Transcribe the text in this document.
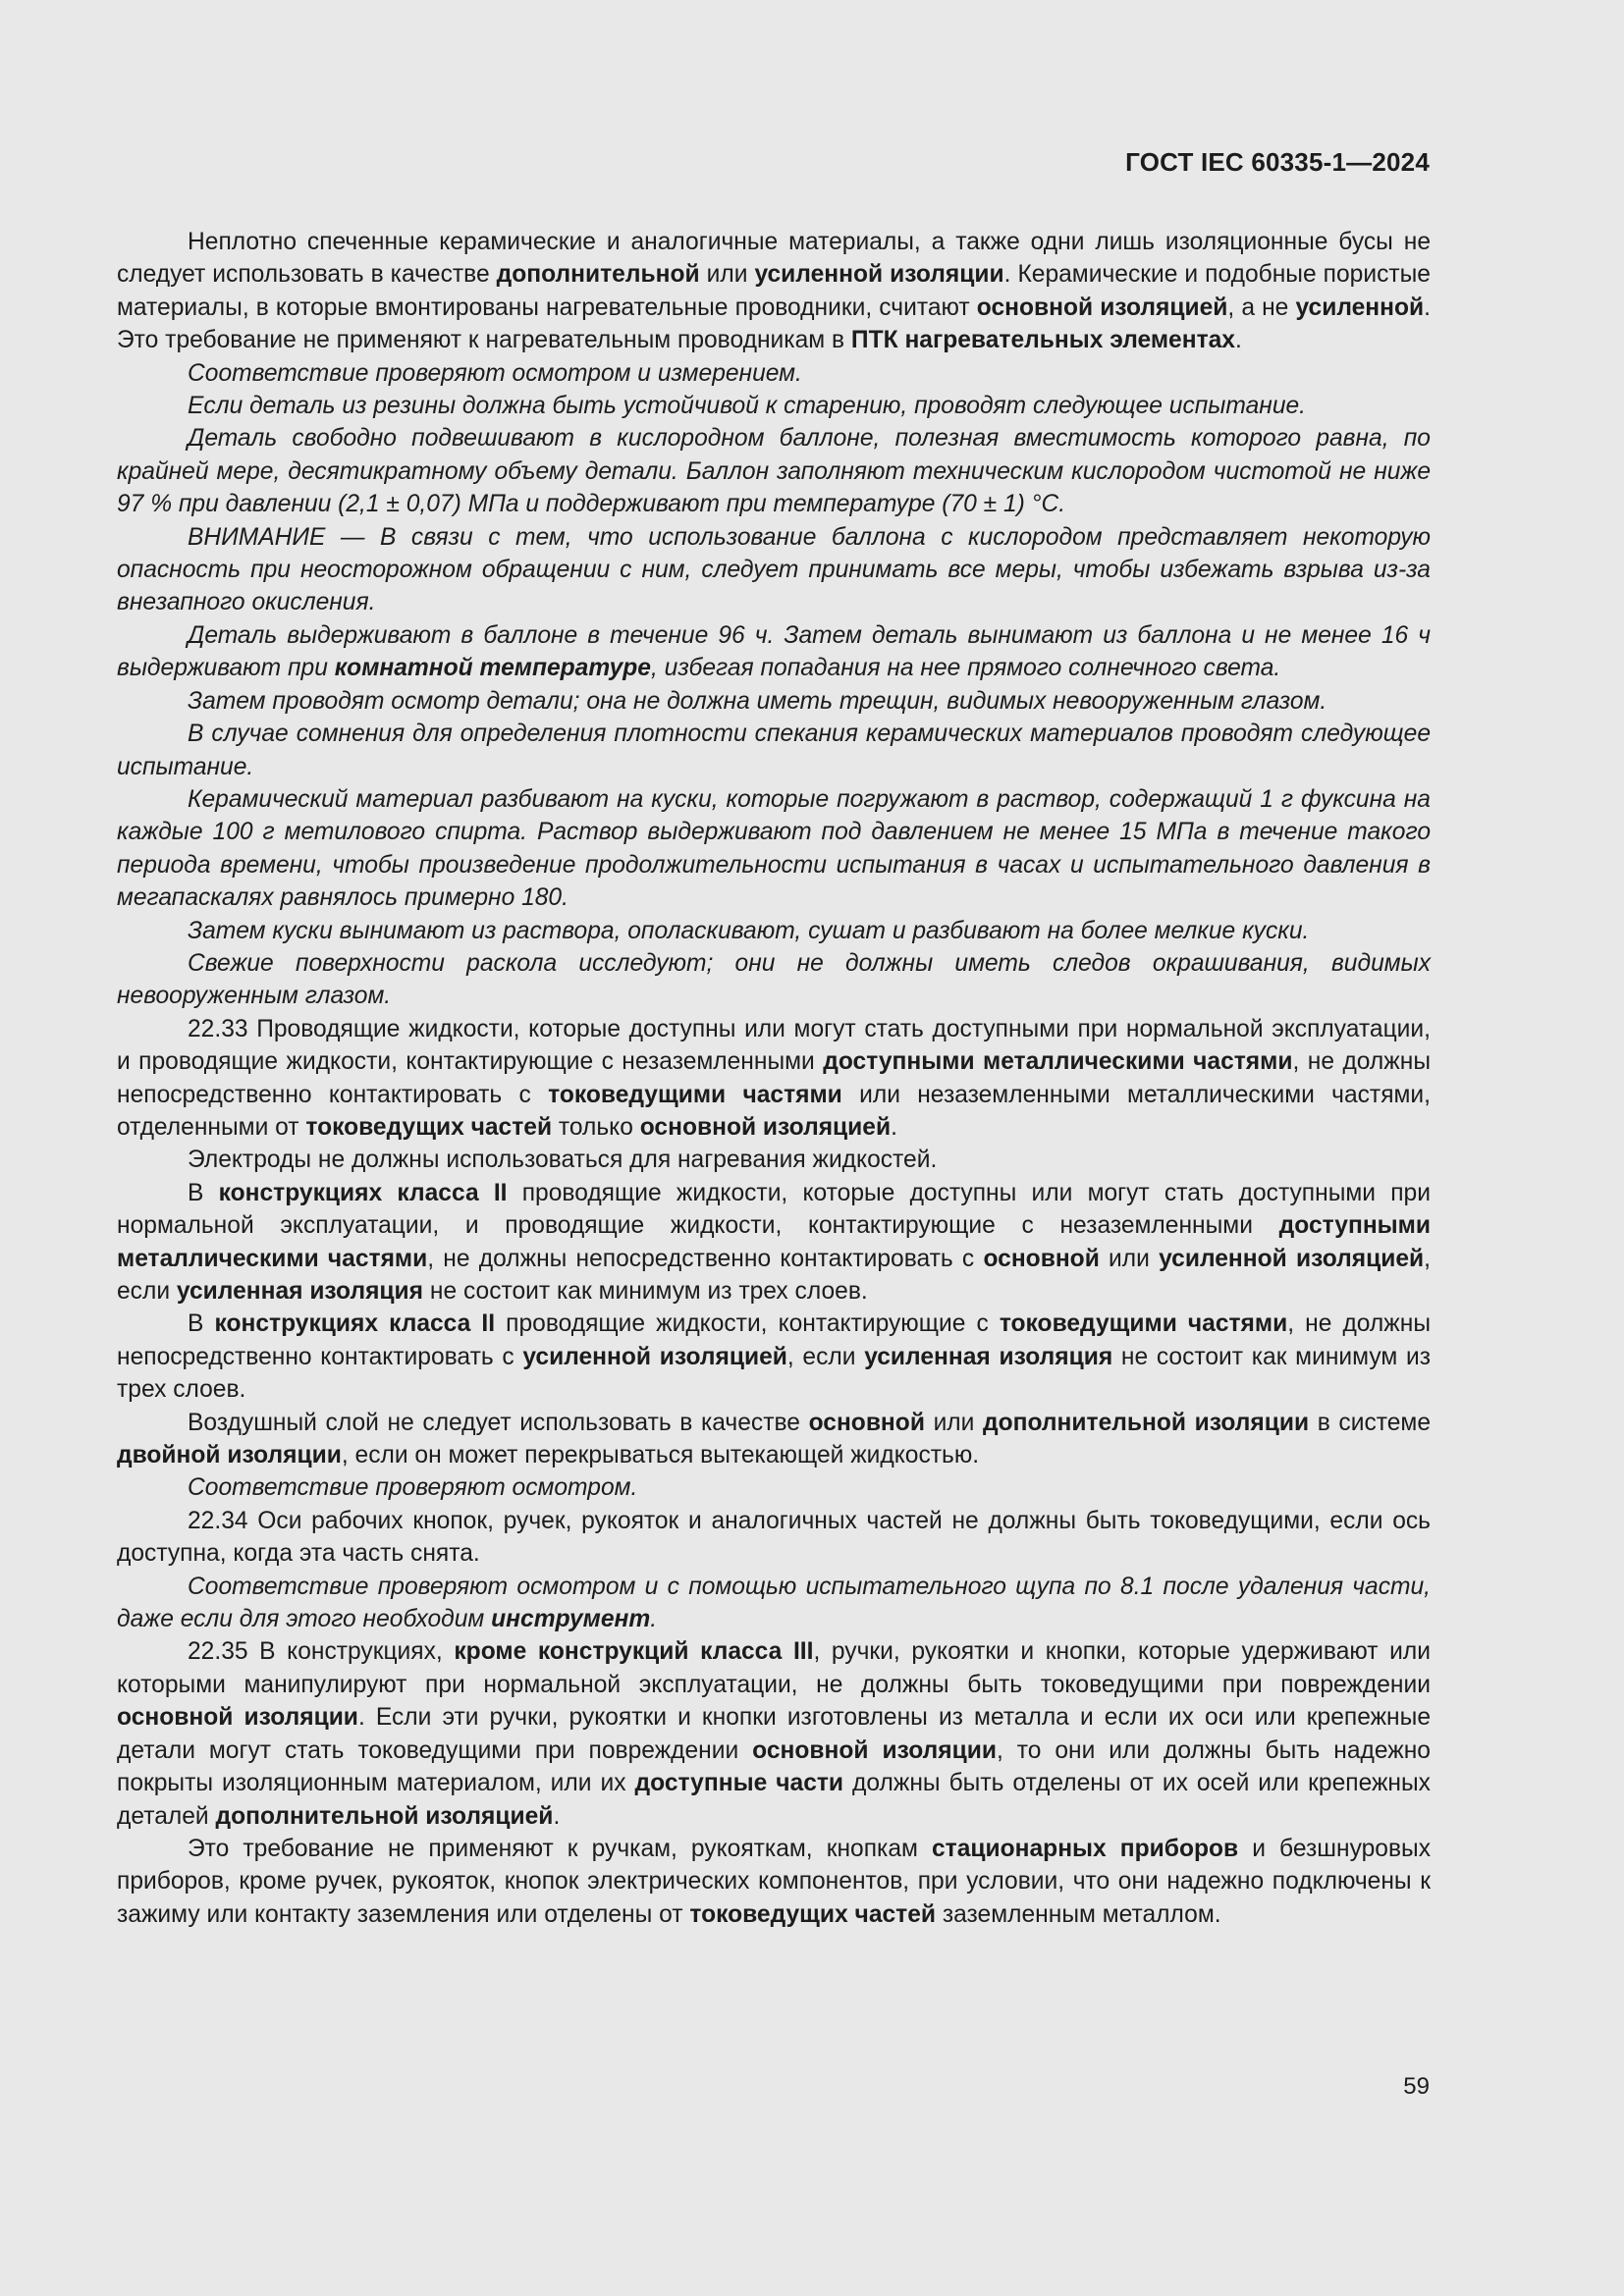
ГОСТ IEC 60335-1—2024

Неплотно спеченные керамические и аналогичные материалы, а также одни лишь изоляционные бусы не следует использовать в качестве дополнительной или усиленной изоляции. Керамические и подобные пористые материалы, в которые вмонтированы нагревательные проводники, считают основной изоляцией, а не усиленной. Это требование не применяют к нагревательным проводникам в ПТК нагревательных элементах.

Соответствие проверяют осмотром и измерением.

Если деталь из резины должна быть устойчивой к старению, проводят следующее испытание.

Деталь свободно подвешивают в кислородном баллоне, полезная вместимость которого равна, по крайней мере, десятикратному объему детали. Баллон заполняют техническим кислородом чистотой не ниже 97 % при давлении (2,1 ± 0,07) МПа и поддерживают при температуре (70 ± 1) °С.

ВНИМАНИЕ — В связи с тем, что использование баллона с кислородом представляет некоторую опасность при неосторожном обращении с ним, следует принимать все меры, чтобы избежать взрыва из-за внезапного окисления.

Деталь выдерживают в баллоне в течение 96 ч. Затем деталь вынимают из баллона и не менее 16 ч выдерживают при комнатной температуре, избегая попадания на нее прямого солнечного света.

Затем проводят осмотр детали; она не должна иметь трещин, видимых невооруженным глазом.

В случае сомнения для определения плотности спекания керамических материалов проводят следующее испытание.

Керамический материал разбивают на куски, которые погружают в раствор, содержащий 1 г фуксина на каждые 100 г метилового спирта. Раствор выдерживают под давлением не менее 15 МПа в течение такого периода времени, чтобы произведение продолжительности испытания в часах и испытательного давления в мегапаскалях равнялось примерно 180.

Затем куски вынимают из раствора, ополаскивают, сушат и разбивают на более мелкие куски.

Свежие поверхности раскола исследуют; они не должны иметь следов окрашивания, видимых невооруженным глазом.

22.33 Проводящие жидкости, которые доступны или могут стать доступными при нормальной эксплуатации, и проводящие жидкости, контактирующие с незаземленными доступными металлическими частями, не должны непосредственно контактировать с токоведущими частями или незаземленными металлическими частями, отделенными от токоведущих частей только основной изоляцией.

Электроды не должны использоваться для нагревания жидкостей.

В конструкциях класса II проводящие жидкости, которые доступны или могут стать доступными при нормальной эксплуатации, и проводящие жидкости, контактирующие с незаземленными доступными металлическими частями, не должны непосредственно контактировать с основной или усиленной изоляцией, если усиленная изоляция не состоит как минимум из трех слоев.

В конструкциях класса II проводящие жидкости, контактирующие с токоведущими частями, не должны непосредственно контактировать с усиленной изоляцией, если усиленная изоляция не состоит как минимум из трех слоев.

Воздушный слой не следует использовать в качестве основной или дополнительной изоляции в системе двойной изоляции, если он может перекрываться вытекающей жидкостью.

Соответствие проверяют осмотром.

22.34 Оси рабочих кнопок, ручек, рукояток и аналогичных частей не должны быть токоведущими, если ось доступна, когда эта часть снята.

Соответствие проверяют осмотром и с помощью испытательного щупа по 8.1 после удаления части, даже если для этого необходим инструмент.

22.35 В конструкциях, кроме конструкций класса III, ручки, рукоятки и кнопки, которые удерживают или которыми манипулируют при нормальной эксплуатации, не должны быть токоведущими при повреждении основной изоляции. Если эти ручки, рукоятки и кнопки изготовлены из металла и если их оси или крепежные детали могут стать токоведущими при повреждении основной изоляции, то они или должны быть надежно покрыты изоляционным материалом, или их доступные части должны быть отделены от их осей или крепежных деталей дополнительной изоляцией.

Это требование не применяют к ручкам, рукояткам, кнопкам стационарных приборов и безшнуровых приборов, кроме ручек, рукояток, кнопок электрических компонентов, при условии, что они надежно подключены к зажиму или контакту заземления или отделены от токоведущих частей заземленным металлом.

59
